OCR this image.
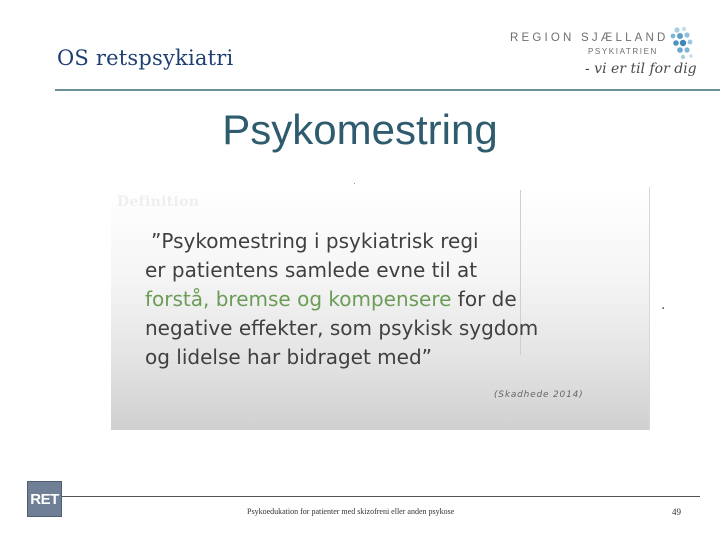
OS retspsykiatri
REGION SJÆLLAND
PSYKIATRIEN
- vi er til for dig
Psykomestring
Definition
”Psykomestring i psykiatrisk regi
er patientens samlede evne til at
forstå, bremse og kompensere for de
negative effekter, som psykisk sygdom
og lidelse har bidraget med”
.
(Skadhede 2014)
RET
Psykoedukation for patienter med skizofreni eller anden psykose	49
